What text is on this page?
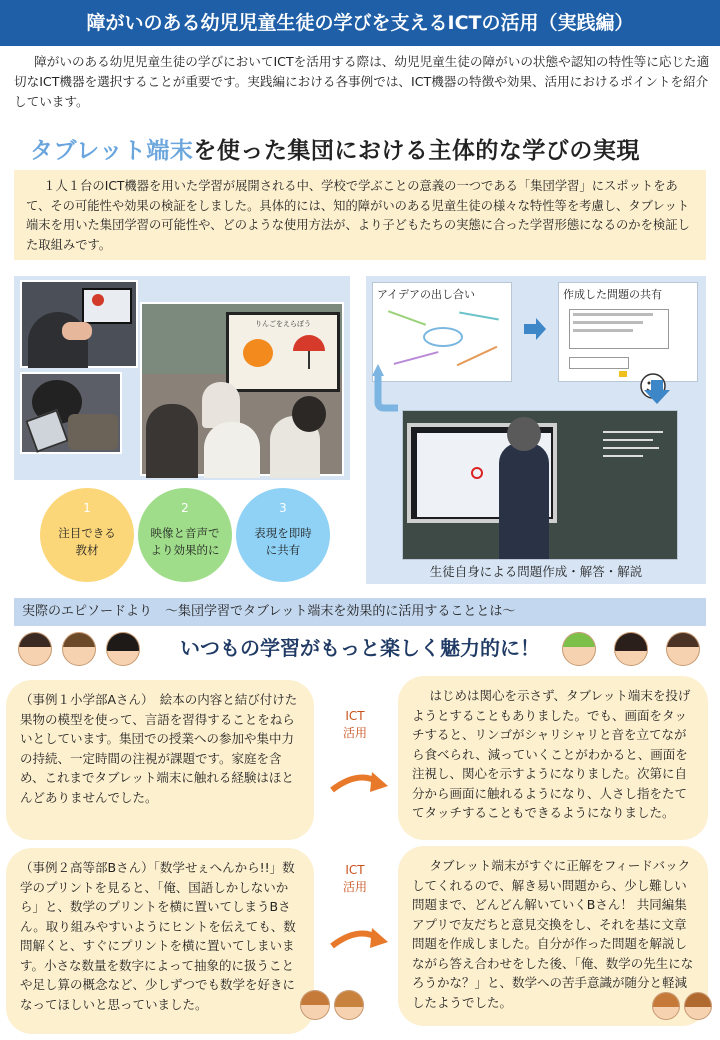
障がいのある幼児児童生徒の学びを支えるICTの活用（実践編）
障がいのある幼児児童生徒の学びにおいてICTを活用する際は、幼児児童生徒の障がいの状態や認知の特性等に応じた適切なICT機器を選択することが重要です。実践編における各事例では、ICT機器の特徴や効果、活用におけるポイントを紹介しています。
タブレット端末を使った集団における主体的な学びの実現
１人１台のICT機器を用いた学習が展開される中、学校で学ぶことの意義の一つである「集団学習」にスポットをあて、その可能性や効果の検証をしました。具体的には、知的障がいのある児童生徒の様々な特性等を考慮し、タブレット端末を用いた集団学習の可能性や、どのような使用方法が、より子どもたちの実態に合った学習形態になるのかを検証した取組みです。
りんごをえらぼう
1
注目できる
教材
2
映像と音声で
より効果的に
3
表現を即時
に共有
アイデアの出し合い	作成した問題の共有
生徒自身による問題作成・解答・解説
実際のエピソードより　～集団学習でタブレット端末を効果的に活用することとは～
いつもの学習がもっと楽しく魅力的に！
（事例１小学部Aさん）　絵本の内容と結び付けた果物の模型を使って、言語を習得することをねらいとしています。集団での授業への参加や集中力の持続、一定時間の注視が課題です。家庭を含め、これまでタブレット端末に触れる経験はほとんどありませんでした。
ICT
活用
はじめは関心を示さず、タブレット端末を投げようとすることもありました。でも、画面をタッチすると、リンゴがシャリシャリと音を立てながら食べられ、減っていくことがわかると、画面を注視し、関心を示すようになりました。次第に自分から画面に触れるようになり、人さし指をたててタッチすることもできるようになりました。
（事例２高等部Bさん）「数学せぇへんから!!」数学のプリントを見ると、「俺、国語しかしないから」と、数学のプリントを横に置いてしまうBさん。取り組みやすいようにヒントを伝えても、数問解くと、すぐにプリントを横に置いてしまいます。小さな数量を数字によって抽象的に扱うことや足し算の概念など、少しずつでも数学を好きになってほしいと思っていました。
ICT
活用
タブレット端末がすぐに正解をフィードバックしてくれるので、解き易い問題から、少し難しい問題まで、どんどん解いていくBさん！ 共同編集アプリで友だちと意見交換をし、それを基に文章問題を作成しました。自分が作った問題を解説しながら答え合わせをした後、「俺、数学の先生になろうかな？」と、数学への苦手意識が随分と軽減したようでした。
